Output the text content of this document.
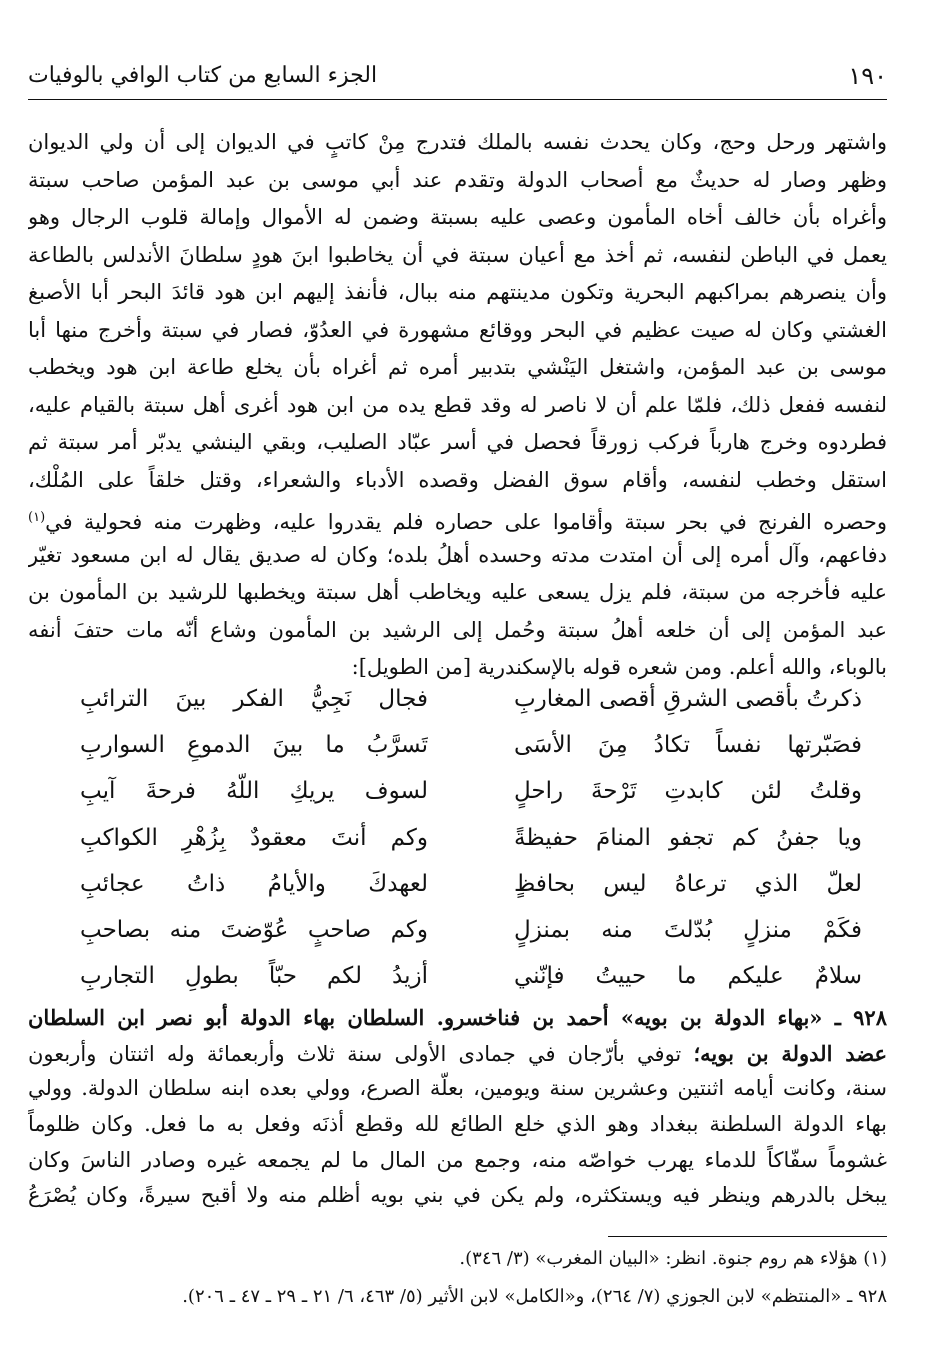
١٩٠
الجزء السابع من كتاب الوافي بالوفيات
واشتهر ورحل وحج، وكان يحدث نفسه بالملك فتدرج مِنْ كاتبٍ في الديوان إلى أن ولي الديوان
وظهر وصار له حديثٌ مع أصحاب الدولة وتقدم عند أبي موسى بن عبد المؤمن صاحب سبتة
وأغراه بأن خالف أخاه المأمون وعصى عليه بسبتة وضمن له الأموال وإمالة قلوب الرجال وهو
يعمل في الباطن لنفسه، ثم أخذ مع أعيان سبتة في أن يخاطبوا ابنَ هودٍ سلطانَ الأندلس بالطاعة
وأن ينصرهم بمراكبهم البحرية وتكون مدينتهم منه ببال، فأنفذ إليهم ابن هود قائدَ البحر أبا الأصبغ
الغشتي وكان له صيت عظيم في البحر ووقائع مشهورة في العدُوّ، فصار في سبتة وأخرج منها أبا
موسى بن عبد المؤمن، واشتغل اليَنْشي بتدبير أمره ثم أغراه بأن يخلع طاعة ابن هود ويخطب
لنفسه ففعل ذلك، فلمّا علم أن لا ناصر له وقد قطع يده من ابن هود أغرى أهل سبتة بالقيام عليه،
فطردوه وخرج هارباً فركب زورقاً فحصل في أسر عبّاد الصليب، وبقي الينشي يدبّر أمر سبتة ثم
استقل وخطب لنفسه، وأقام سوق الفضل وقصده الأدباء والشعراء، وقتل خلقاً على المُلْك،
وحصره الفرنج في بحر سبتة وأقاموا على حصاره فلم يقدروا عليه، وظهرت منه فحولية في$^{(١)}$
دفاعهم، وآل أمره إلى أن امتدت مدته وحسده أهلُ بلده؛ وكان له صديق يقال له ابن مسعود تغيّر
عليه فأخرجه من سبتة، فلم يزل يسعى عليه ويخاطب أهل سبتة ويخطبها للرشيد بن المأمون بن
عبد المؤمن إلى أن خلعه أهلُ سبتة وحُمل إلى الرشيد بن المأمون وشاع أنّه مات حتفَ أنفه
بالوباء، والله أعلم. ومن شعره قوله بالإسكندرية [من الطويل]:
ذكرتُ بأقصى الشرقِ أقصى المغاربِ
فجال نَجِيُّ الفكر بينَ الترائبِ
فصَبّرتها نفساً تكادُ مِنَ الأسَى
تَسرَّبُ ما بينَ الدموعِ السواربِ
وقلتُ لئن كابدتِ تَرْحةَ راحلٍ
لسوف يريكِ اللّهُ فرحةَ آيبِ
ويا جفنُ كم تجفو المنامَ حفيظةً
وكم أنتَ معقودٌ بِزُهْرِ الكواكبِ
لعلّ الذي ترعاهُ ليس بحافظٍ
لعهدكَ والأيامُ ذاتُ عجائبِ
فكَمْ منزلٍ بُدّلتَ منه بمنزلٍ
وكم صاحبٍ عُوّضتَ منه بصاحبِ
سلامٌ عليكم ما حييتُ فإنّني
أزيدُ لكم حبّاً بطولِ التجاربِ
٩٢٨ ـ «بهاء الدولة بن بويه» أحمد بن فناخسرو. السلطان بهاء الدولة أبو نصر ابن السلطان
عضد الدولة بن بويه؛ توفي بأرّجان في جمادى الأولى سنة ثلاث وأربعمائة وله اثنتان وأربعون
سنة، وكانت أيامه اثنتين وعشرين سنة ويومين، بعلّة الصرع، وولي بعده ابنه سلطان الدولة. وولي
بهاء الدولة السلطنة ببغداد وهو الذي خلع الطائع لله وقطع أذنَه وفعل به ما فعل. وكان ظلوماً
غشوماً سفّاكاً للدماء يهرب خواصّه منه، وجمع من المال ما لم يجمعه غيره وصادر الناسَ وكان
يبخل بالدرهم وينظر فيه ويستكثره، ولم يكن في بني بويه أظلم منه ولا أقبح سيرةً، وكان يُصْرَعُ
(١) هؤلاء هم روم جنوة. انظر: «البيان المغرب» (٣/ ٣٤٦).
٩٢٨ ـ «المنتظم» لابن الجوزي (٧/ ٢٦٤)، و«الكامل» لابن الأثير (٥/ ٤٦٣، ٦/ ٢١ ـ ٢٩ ـ ٤٧ ـ ٢٠٦).
